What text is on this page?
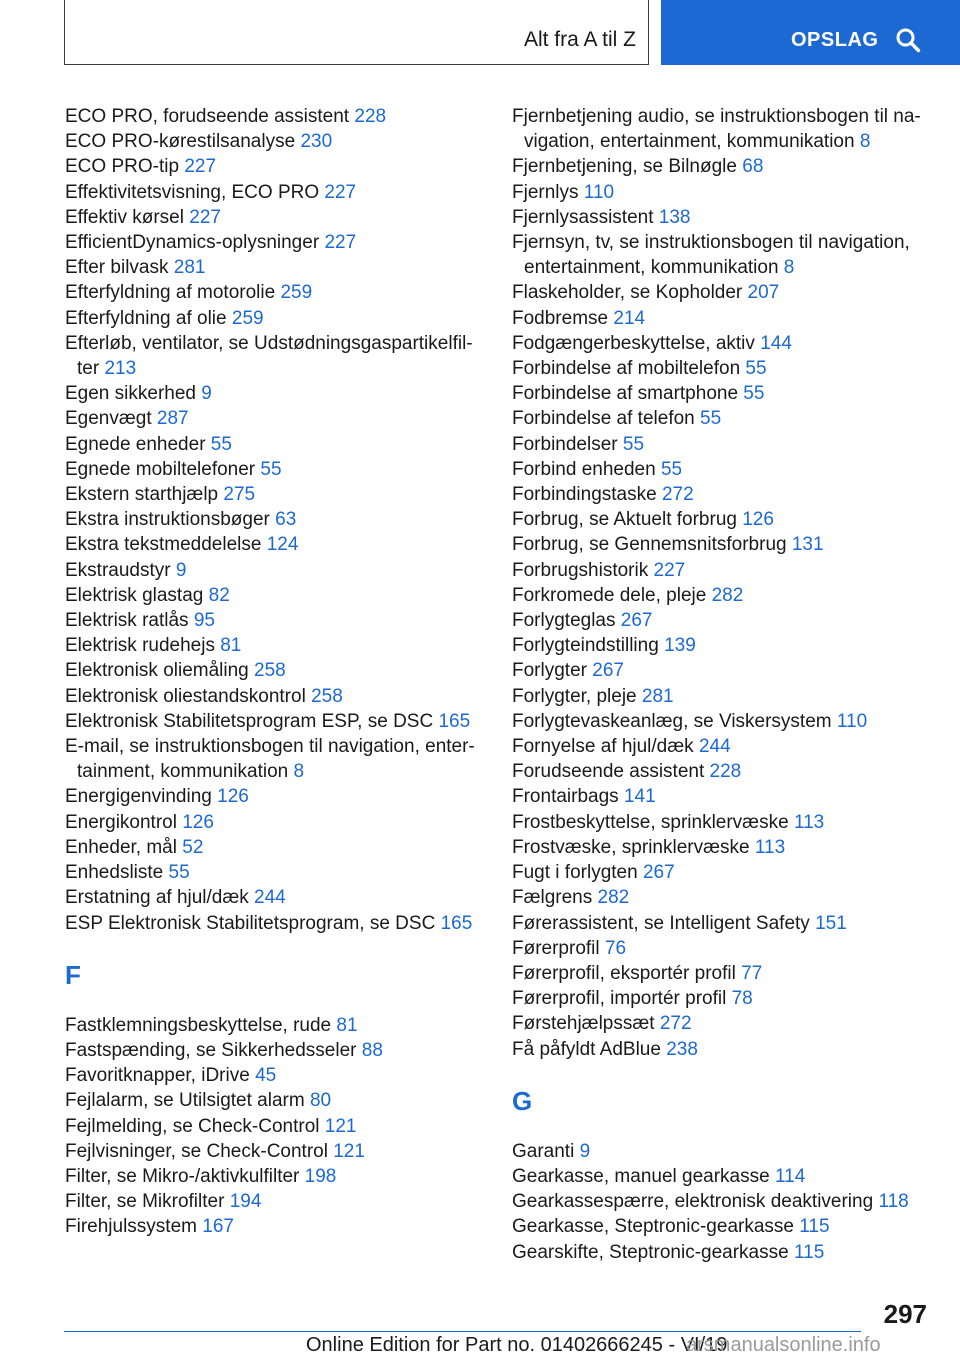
Alt fra A til Z	OPSLAG
ECO PRO, forudseende assistent 228
ECO PRO-kørestilsanalyse 230
ECO PRO-tip 227
Effektivitetsvisning, ECO PRO 227
Effektiv kørsel 227
EfficientDynamics-oplysninger 227
Efter bilvask 281
Efterfyldning af motorolie 259
Efterfyldning af olie 259
Efterløb, ventilator, se Udstødningsgaspartikelfil-ter 213
Egen sikkerhed 9
Egenvægt 287
Egnede enheder 55
Egnede mobiltelefoner 55
Ekstern starthjælp 275
Ekstra instruktionsbøger 63
Ekstra tekstmeddelelse 124
Ekstraudstyr 9
Elektrisk glastag 82
Elektrisk ratlås 95
Elektrisk rudehejs 81
Elektronisk oliemåling 258
Elektronisk oliestandskontrol 258
Elektronisk Stabilitetsprogram ESP, se DSC 165
E-mail, se instruktionsbogen til navigation, enter-tainment, kommunikation 8
Energigenvinding 126
Energikontrol 126
Enheder, mål 52
Enhedsliste 55
Erstatning af hjul/dæk 244
ESP Elektronisk Stabilitetsprogram, se DSC 165
F
Fastklemningsbeskyttelse, rude 81
Fastspænding, se Sikkerhedsseler 88
Favoritknapper, iDrive 45
Fejlalarm, se Utilsigtet alarm 80
Fejlmelding, se Check-Control 121
Fejlvisninger, se Check-Control 121
Filter, se Mikro-/aktivkulfilter 198
Filter, se Mikrofilter 194
Firehjulssystem 167
Fjernbetjening audio, se instruktionsbogen til na-vigation, entertainment, kommunikation 8
Fjernbetjening, se Bilnøgle 68
Fjernlys 110
Fjernlysassistent 138
Fjernsyn, tv, se instruktionsbogen til navigation, entertainment, kommunikation 8
Flaskeholder, se Kopholder 207
Fodbremse 214
Fodgængerbeskyttelse, aktiv 144
Forbindelse af mobiltelefon 55
Forbindelse af smartphone 55
Forbindelse af telefon 55
Forbindelser 55
Forbind enheden 55
Forbindingstaske 272
Forbrug, se Aktuelt forbrug 126
Forbrug, se Gennemsnitsforbrug 131
Forbrugshistorik 227
Forkromede dele, pleje 282
Forlygteglas 267
Forlygteindstilling 139
Forlygter 267
Forlygter, pleje 281
Forlygtevaskeanlæg, se Viskersystem 110
Fornyelse af hjul/dæk 244
Forudseende assistent 228
Frontairbags 141
Frostbeskyttelse, sprinklervæske 113
Frostvæske, sprinklervæske 113
Fugt i forlygten 267
Fælgrens 282
Førerassistent, se Intelligent Safety 151
Førerprofil 76
Førerprofil, eksportér profil 77
Førerprofil, importér profil 78
Førstehjælpssæt 272
Få påfyldt AdBlue 238
G
Garanti 9
Gearkasse, manuel gearkasse 114
Gearkassespærre, elektronisk deaktivering 118
Gearkasse, Steptronic-gearkasse 115
Gearskifte, Steptronic-gearkasse 115
297
Online Edition for Part no. 01402666245 - VI/19
arsmanualsonline.info
